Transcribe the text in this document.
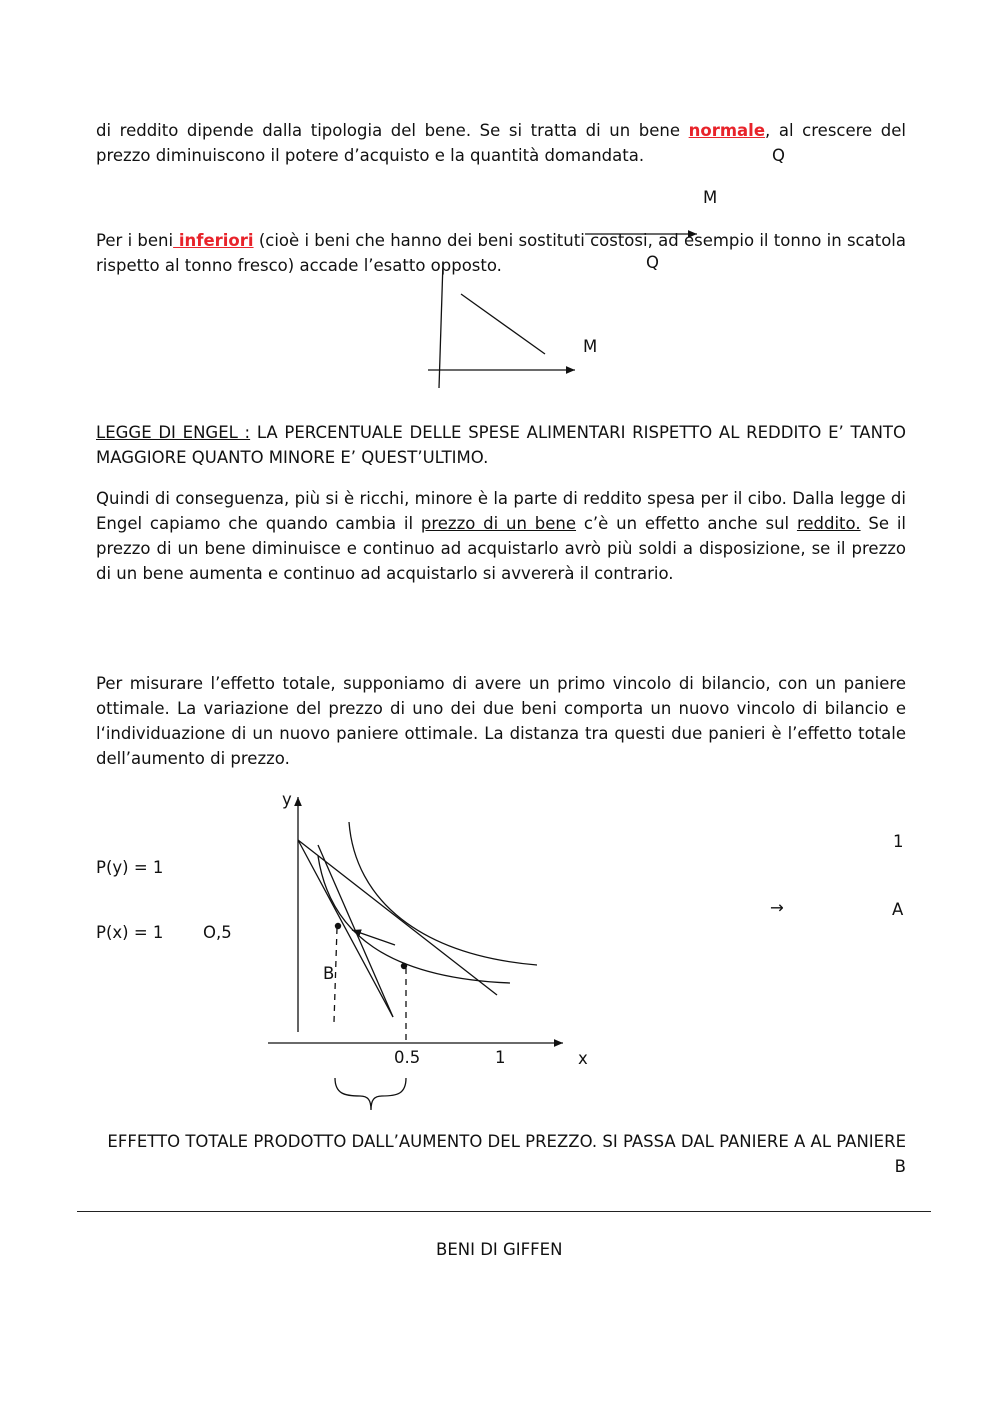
di reddito dipende dalla tipologia del bene. Se si tratta di un bene normale, al crescere del prezzo diminuiscono il potere d’acquisto e la quantità domandata.	Q
M

Per i beni inferiori (cioè i beni che hanno dei beni sostituti costosi, ad esempio il tonno in scatola rispetto al tonno fresco) accade l’esatto opposto.	Q
M

LEGGE DI ENGEL : LA PERCENTUALE DELLE SPESE ALIMENTARI RISPETTO AL REDDITO E’ TANTO MAGGIORE QUANTO MINORE E’ QUEST’ULTIMO.

Quindi di conseguenza, più si è ricchi, minore è la parte di reddito spesa per il cibo. Dalla legge di Engel capiamo che quando cambia il prezzo di un bene c’è un effetto anche sul reddito. Se il prezzo di un bene diminuisce e continuo ad acquistarlo avrò più soldi a disposizione, se il prezzo di un bene aumenta e continuo ad acquistarlo si avvererà il contrario.

Per misurare l’effetto totale, supponiamo di avere un primo vincolo di bilancio, con un paniere ottimale. La variazione del prezzo di uno dei due beni comporta un nuovo vincolo di bilancio e l‘individuazione di un nuovo paniere ottimale. La distanza tra questi due panieri è l’effetto totale dell’aumento di prezzo.

P(y) = 1
P(x) = 1 O,5
y
x
0.5	1
B
1
→	A

EFFETTO TOTALE PRODOTTO DALL’AUMENTO DEL PREZZO. SI PASSA DAL PANIERE A AL PANIERE B

BENI DI GIFFEN
